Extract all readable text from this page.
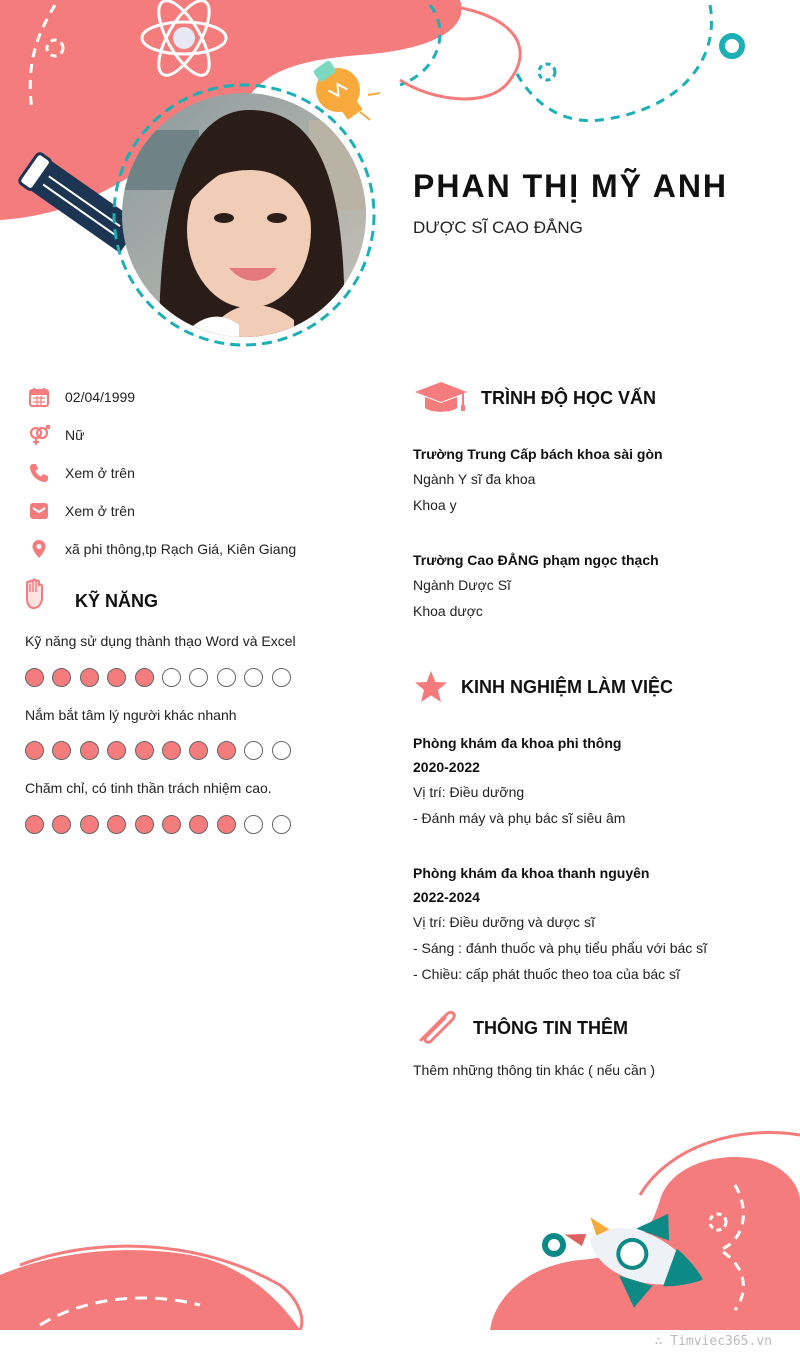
PHAN THỊ MỸ ANH
DƯỢC SĨ CAO ĐẲNG
02/04/1999
Nữ
Xem ở trên
Xem ở trên
xã phi thông,tp Rạch Giá, Kiên Giang
KỸ NĂNG
Kỹ năng sử dụng thành thạo Word và Excel
Nắm bắt tâm lý người khác nhanh
Chăm chỉ, có tinh thần trách nhiệm cao.
TRÌNH ĐỘ HỌC VẤN
Trường Trung Cấp bách khoa sài gòn
Ngành Y sĩ đa khoa
Khoa y
Trường Cao ĐẲNG phạm ngọc thạch
Ngành Dược Sĩ
Khoa dược
KINH NGHIỆM LÀM VIỆC
Phòng khám đa khoa phi thông
2020-2022
Vị trí: Điều dưỡng
- Đánh máy và phụ bác sĩ siêu âm
Phòng khám đa khoa thanh nguyên
2022-2024
Vị trí: Điều dưỡng và dược sĩ
- Sáng : đánh thuốc và phụ tiểu phẩu với bác sĩ
- Chiều: cấp phát thuốc theo toa của bác sĩ
THÔNG TIN THÊM
Thêm những thông tin khác ( nếu cần )
∴ Timviec365.vn
